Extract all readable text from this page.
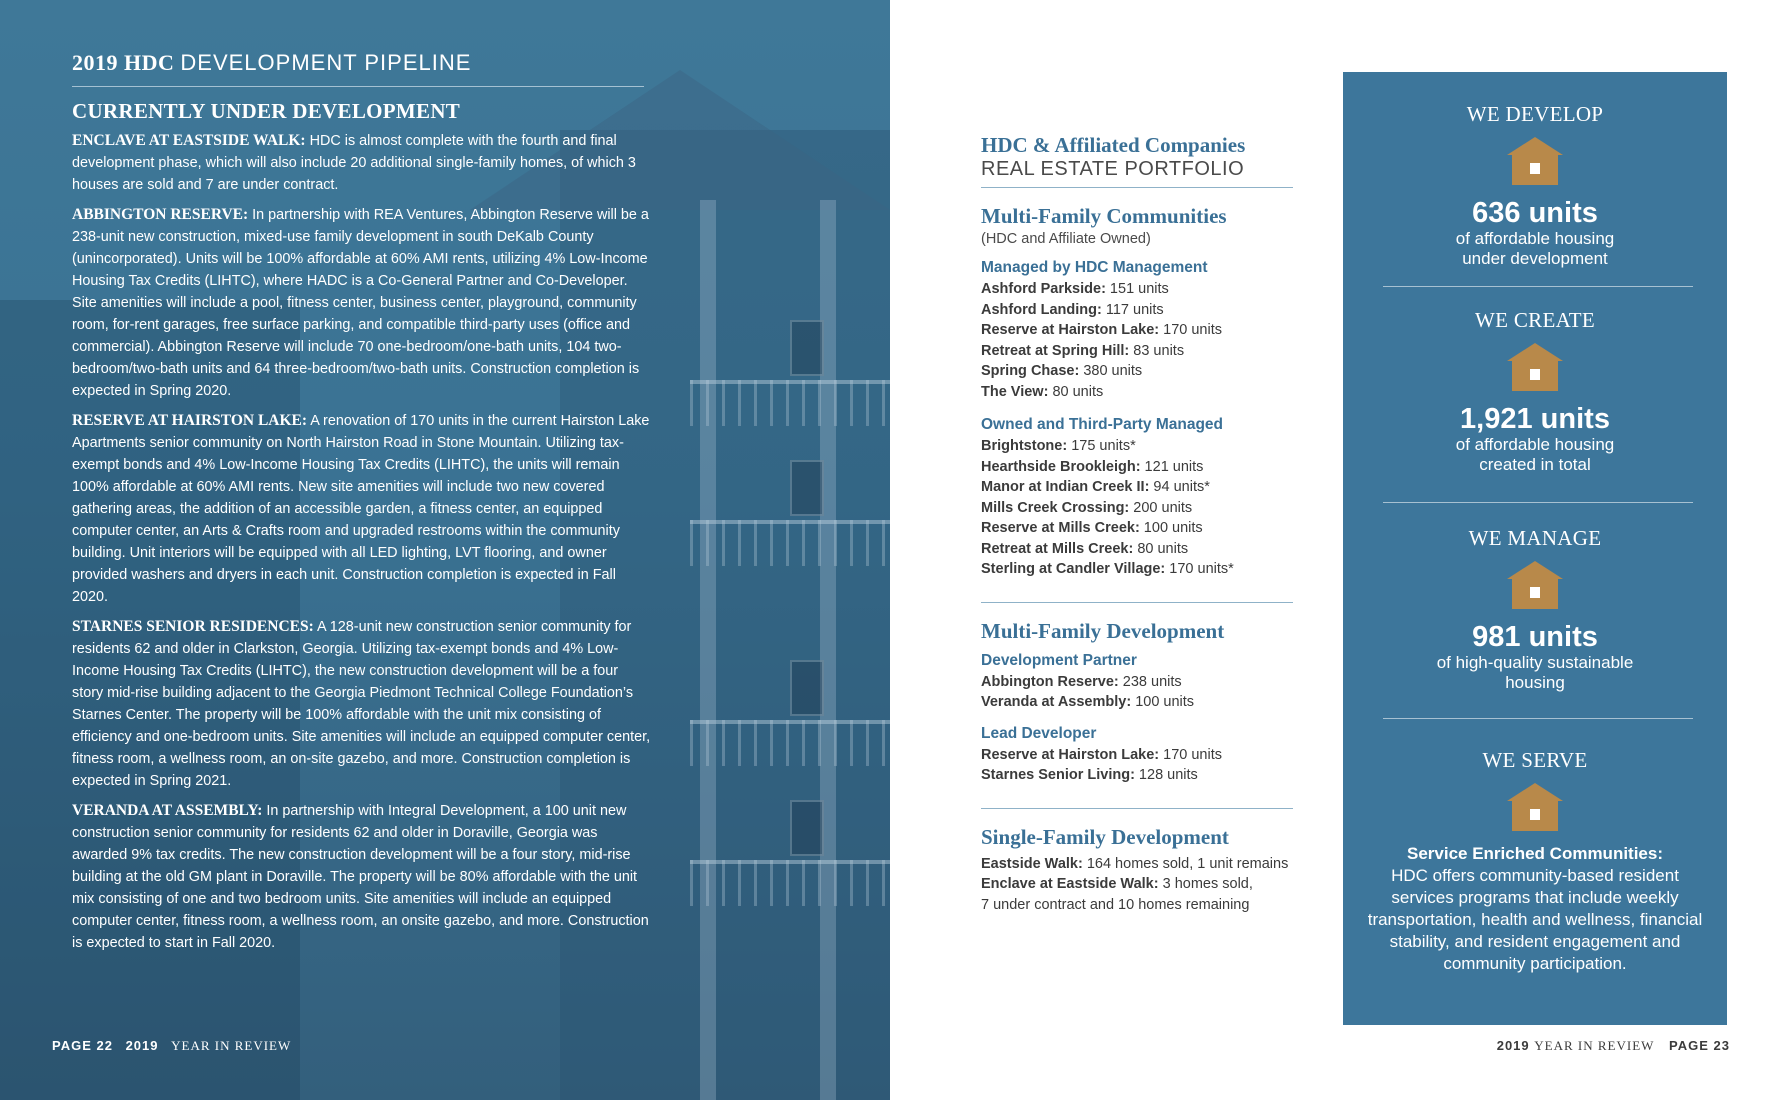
2019 HDC DEVELOPMENT PIPELINE
CURRENTLY UNDER DEVELOPMENT

ENCLAVE AT EASTSIDE WALK: HDC is almost complete with the fourth and final development phase, which will also include 20 additional single-family homes, of which 3 houses are sold and 7 are under contract.

ABBINGTON RESERVE: In partnership with REA Ventures, Abbington Reserve will be a 238-unit new construction, mixed-use family development in south DeKalb County (unincorporated). Units will be 100% affordable at 60% AMI rents, utilizing 4% Low-Income Housing Tax Credits (LIHTC), where HADC is a Co-General Partner and Co-Developer. Site amenities will include a pool, fitness center, business center, playground, community room, for-rent garages, free surface parking, and compatible third-party uses (office and commercial). Abbington Reserve will include 70 one-bedroom/one-bath units, 104 two-bedroom/two-bath units and 64 three-bedroom/two-bath units. Construction completion is expected in Spring 2020.

RESERVE AT HAIRSTON LAKE: A renovation of 170 units in the current Hairston Lake Apartments senior community on North Hairston Road in Stone Mountain. Utilizing tax-exempt bonds and 4% Low-Income Housing Tax Credits (LIHTC), the units will remain 100% affordable at 60% AMI rents. New site amenities will include two new covered gathering areas, the addition of an accessible garden, a fitness center, an equipped computer center, an Arts & Crafts room and upgraded restrooms within the community building. Unit interiors will be equipped with all LED lighting, LVT flooring, and owner provided washers and dryers in each unit. Construction completion is expected in Fall 2020.

STARNES SENIOR RESIDENCES: A 128-unit new construction senior community for residents 62 and older in Clarkston, Georgia. Utilizing tax-exempt bonds and 4% Low-Income Housing Tax Credits (LIHTC), the new construction development will be a four story mid-rise building adjacent to the Georgia Piedmont Technical College Foundation’s Starnes Center. The property will be 100% affordable with the unit mix consisting of efficiency and one-bedroom units. Site amenities will include an equipped computer center, fitness room, a wellness room, an on-site gazebo, and more. Construction completion is expected in Spring 2021.

VERANDA AT ASSEMBLY: In partnership with Integral Development, a 100 unit new construction senior community for residents 62 and older in Doraville, Georgia was awarded 9% tax credits. The new construction development will be a four story, mid-rise building at the old GM plant in Doraville. The property will be 80% affordable with the unit mix consisting of one and two bedroom units. Site amenities will include an equipped computer center, fitness room, a wellness room, an onsite gazebo, and more. Construction is expected to start in Fall 2020.

PAGE 22 2019 YEAR IN REVIEW
HDC & Affiliated Companies
REAL ESTATE PORTFOLIO
Multi-Family Communities
(HDC and Affiliate Owned)
Managed by HDC Management
Ashford Parkside: 151 units
Ashford Landing: 117 units
Reserve at Hairston Lake: 170 units
Retreat at Spring Hill: 83 units
Spring Chase: 380 units
The View: 80 units
Owned and Third-Party Managed
Brightstone: 175 units*
Hearthside Brookleigh: 121 units
Manor at Indian Creek II: 94 units*
Mills Creek Crossing: 200 units
Reserve at Mills Creek: 100 units
Retreat at Mills Creek: 80 units
Sterling at Candler Village: 170 units*
Multi-Family Development
Development Partner
Abbington Reserve: 238 units
Veranda at Assembly: 100 units
Lead Developer
Reserve at Hairston Lake: 170 units
Starnes Senior Living: 128 units
Single-Family Development
Eastside Walk: 164 homes sold, 1 unit remains
Enclave at Eastside Walk: 3 homes sold,
7 under contract and 10 homes remaining
WE DEVELOP
636 units
of affordable housing
under development
WE CREATE
1,921 units
of affordable housing
created in total
WE MANAGE
981 units
of high-quality sustainable
housing
WE SERVE
Service Enriched Communities:
HDC offers community-based resident services programs that include weekly transportation, health and wellness, financial stability, and resident engagement and community participation.
2019 YEAR IN REVIEW PAGE 23
